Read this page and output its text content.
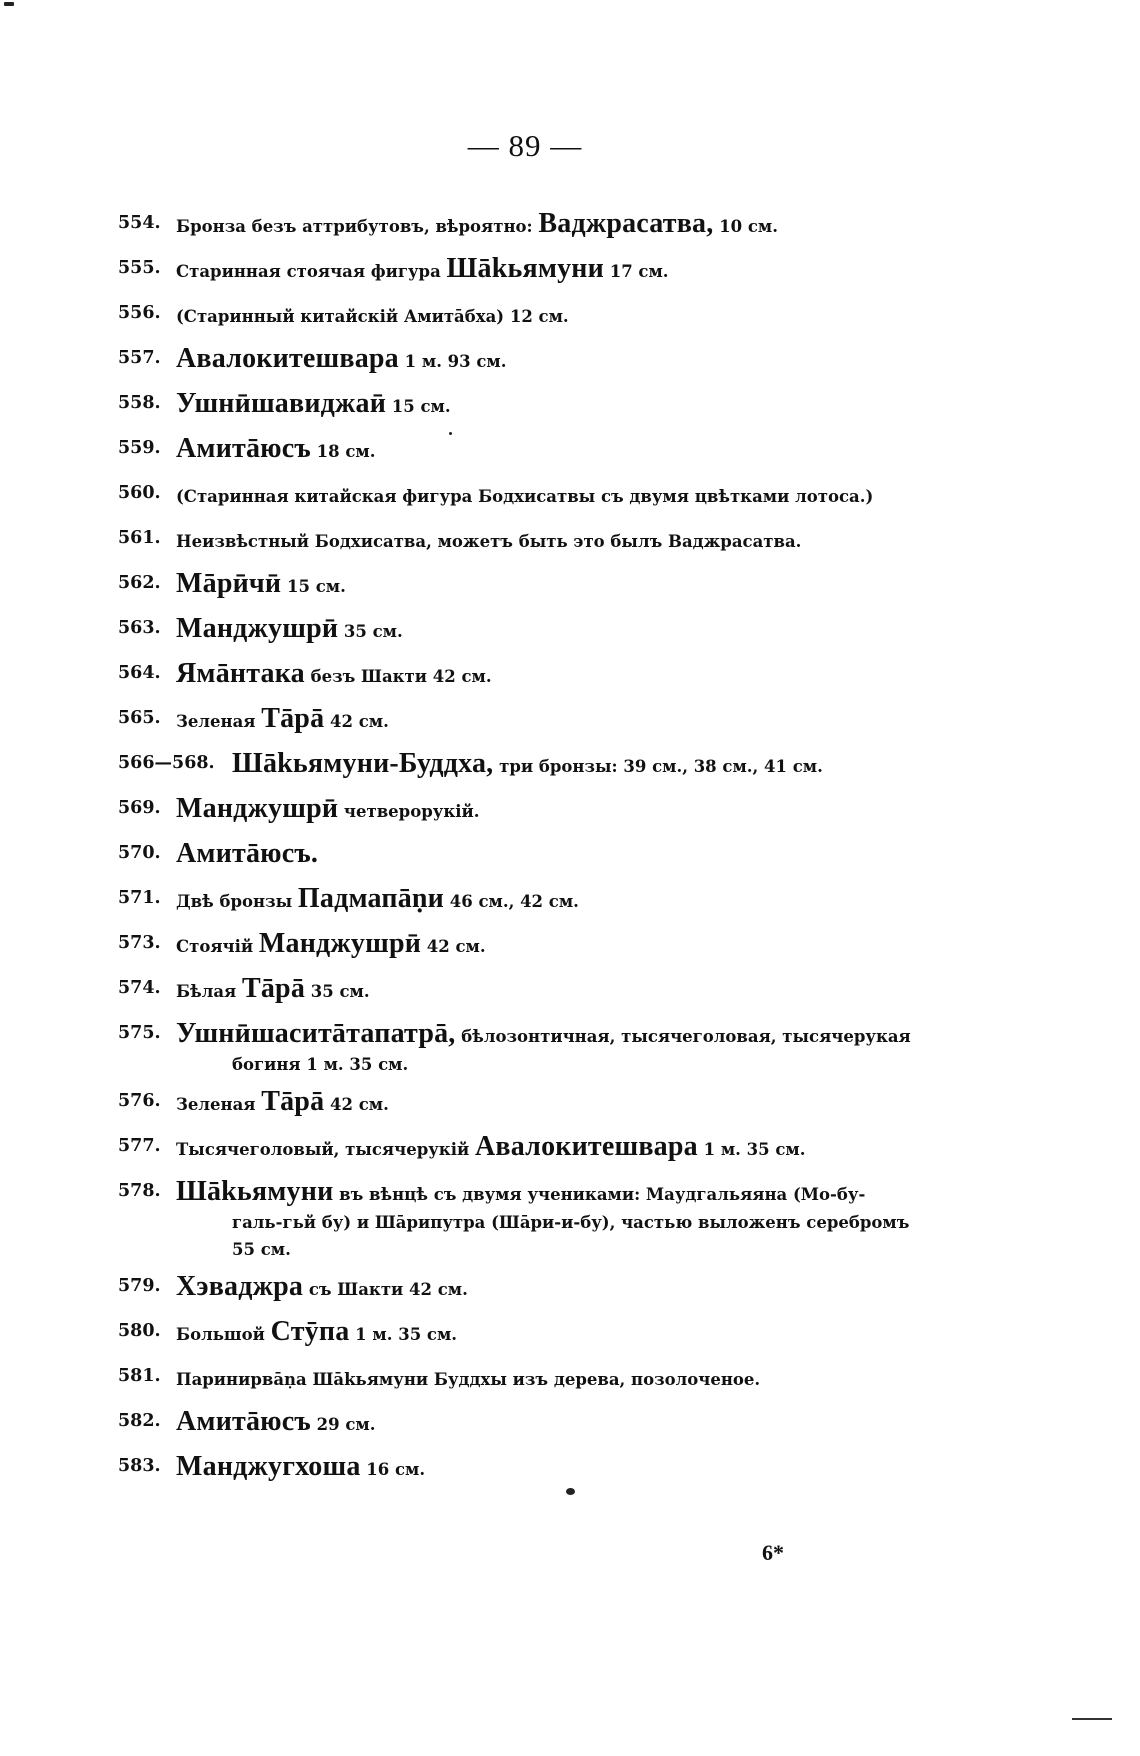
— 89 —

554. Бронза безъ аттрибутовъ, вѣроятно: Ваджрасатва, 10 см.

555. Старинная стоячая фигура Шākьямуни 17 см.

556. (Старинный китайскій Амитāбха) 12 см.

557. Авалокитешвара 1 м. 93 см.

558. Ушнӣшавиджаӣ 15 см.

559. Амитāюсъ 18 см.

560. (Старинная китайская фигура Бодхисатвы съ двумя цвѣтками лотоса.)

561. Неизвѣстный Бодхисатва, можетъ быть это былъ Ваджрасатва.

562. Мāрӣчӣ 15 см.

563. Манджушрӣ 35 см.

564. Ямāнтака безъ Шакти 42 см.

565. Зеленая Тāрā 42 см.

566—568. Шākьямуни-Буддха, три бронзы: 39 см., 38 см., 41 см.

569. Манджушрӣ четверорукій.

570. Амитāюсъ.

571. Двѣ бронзы Падмапāṇи 46 см., 42 см.

573. Стоячій Манджушрӣ 42 см.

574. Бѣлая Тāрā 35 см.

575. Ушнӣшаситāтапатрā, бѣлозонтичная, тысячеголовая, тысячерукая
богиня 1 м. 35 см.

576. Зеленая Тāрā 42 см.

577. Тысячеголовый, тысячерукій Авалокитешвара 1 м. 35 см.

578. Шākьямуни въ вѣнцѣ съ двумя учениками: Маудгальяяна (Мо-бу-
галь-гьй бу) и Шāрипутра (Шāри-и-бу), частью выложенъ серебромъ
55 см.

579. Хэваджра съ Шакти 42 см.

580. Большой Стӯпа 1 м. 35 см.

581. Паринирвāṇа Шākьямуни Буддхы изъ дерева, позолоченое.

582. Амитāюсъ 29 см.

583. Манджугхоша 16 см.

6*
